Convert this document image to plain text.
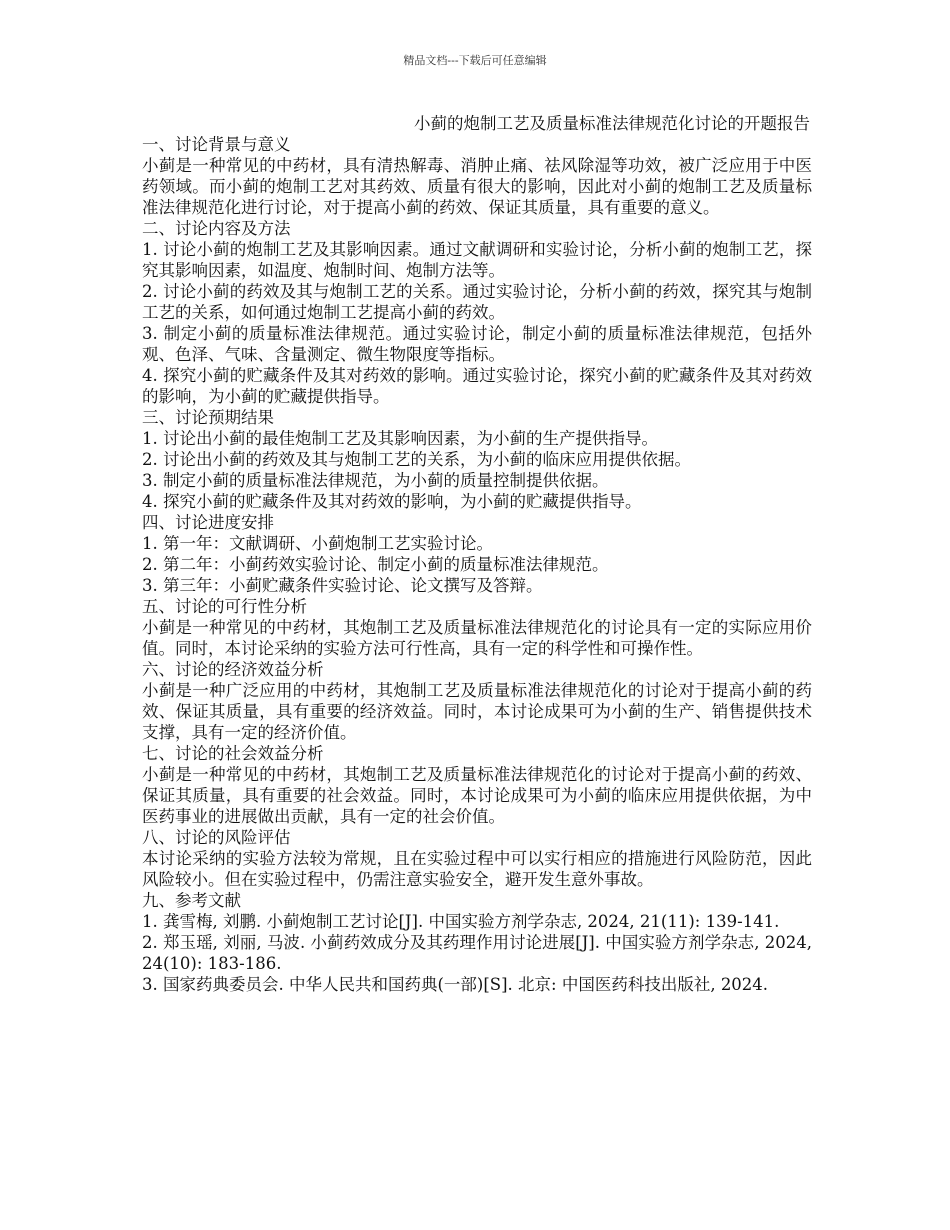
精品文档---下载后可任意编辑
小蓟的炮制工艺及质量标准法律规范化讨论的开题报告

一、讨论背景与意义

小蓟是一种常见的中药材，具有清热解毒、消肿止痛、祛风除湿等功效，被广泛应用于中医药领域。而小蓟的炮制工艺对其药效、质量有很大的影响，因此对小蓟的炮制工艺及质量标准法律规范化进行讨论，对于提高小蓟的药效、保证其质量，具有重要的意义。

二、讨论内容及方法

1. 讨论小蓟的炮制工艺及其影响因素。通过文献调研和实验讨论，分析小蓟的炮制工艺，探究其影响因素，如温度、炮制时间、炮制方法等。

2. 讨论小蓟的药效及其与炮制工艺的关系。通过实验讨论，分析小蓟的药效，探究其与炮制工艺的关系，如何通过炮制工艺提高小蓟的药效。

3. 制定小蓟的质量标准法律规范。通过实验讨论，制定小蓟的质量标准法律规范，包括外观、色泽、气味、含量测定、微生物限度等指标。

4. 探究小蓟的贮藏条件及其对药效的影响。通过实验讨论，探究小蓟的贮藏条件及其对药效的影响，为小蓟的贮藏提供指导。

三、讨论预期结果

1. 讨论出小蓟的最佳炮制工艺及其影响因素，为小蓟的生产提供指导。

2. 讨论出小蓟的药效及其与炮制工艺的关系，为小蓟的临床应用提供依据。

3. 制定小蓟的质量标准法律规范，为小蓟的质量控制提供依据。

4. 探究小蓟的贮藏条件及其对药效的影响，为小蓟的贮藏提供指导。

四、讨论进度安排

1. 第一年：文献调研、小蓟炮制工艺实验讨论。

2. 第二年：小蓟药效实验讨论、制定小蓟的质量标准法律规范。

3. 第三年：小蓟贮藏条件实验讨论、论文撰写及答辩。

五、讨论的可行性分析

小蓟是一种常见的中药材，其炮制工艺及质量标准法律规范化的讨论具有一定的实际应用价值。同时，本讨论采纳的实验方法可行性高，具有一定的科学性和可操作性。

六、讨论的经济效益分析

小蓟是一种广泛应用的中药材，其炮制工艺及质量标准法律规范化的讨论对于提高小蓟的药效、保证其质量，具有重要的经济效益。同时，本讨论成果可为小蓟的生产、销售提供技术支撑，具有一定的经济价值。

七、讨论的社会效益分析

小蓟是一种常见的中药材，其炮制工艺及质量标准法律规范化的讨论对于提高小蓟的药效、保证其质量，具有重要的社会效益。同时，本讨论成果可为小蓟的临床应用提供依据，为中医药事业的进展做出贡献，具有一定的社会价值。

八、讨论的风险评估

本讨论采纳的实验方法较为常规，且在实验过程中可以实行相应的措施进行风险防范，因此风险较小。但在实验过程中，仍需注意实验安全，避开发生意外事故。

九、参考文献

1. 龚雪梅, 刘鹏. 小蓟炮制工艺讨论[J]. 中国实验方剂学杂志, 2024, 21(11): 139-141.

2. 郑玉瑶, 刘丽, 马波. 小蓟药效成分及其药理作用讨论进展[J]. 中国实验方剂学杂志, 2024, 24(10): 183-186.

3. 国家药典委员会. 中华人民共和国药典(一部)[S]. 北京: 中国医药科技出版社, 2024.
